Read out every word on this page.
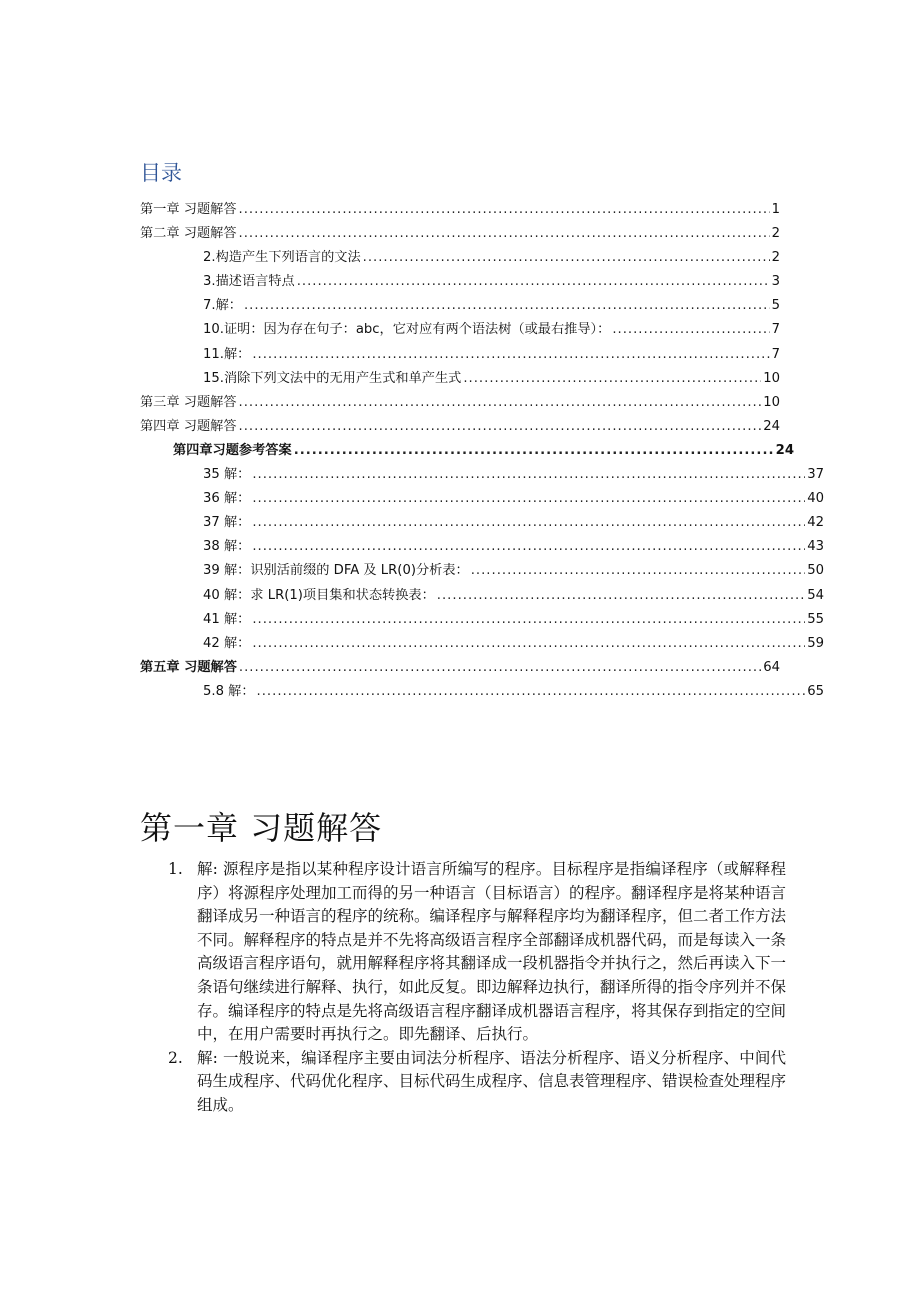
目录
第一章 习题解答 .....	1
第二章 习题解答 .....	2
2.构造产生下列语言的文法 .....	2
3.描述语言特点 .....	3
7.解： .....	5
10.证明：因为存在句子：abc，它对应有两个语法树（或最右推导）： .....	7
11.解： .....	7
15.消除下列文法中的无用产生式和单产生式 .....	10
第三章 习题解答 .....	10
第四章 习题解答 .....	24
第四章习题参考答案 .....	24
35 解： .....	37
36 解： .....	40
37 解： .....	42
38 解： .....	43
39 解：识别活前缀的 DFA 及 LR(0)分析表： .....	50
40 解：求 LR(1)项目集和状态转换表： .....	54
41 解： .....	55
42 解： .....	59
第五章 习题解答 .....	64
5.8 解： .....	65
第一章 习题解答
1. 解: 源程序是指以某种程序设计语言所编写的程序。目标程序是指编译程序（或解释程序）将源程序处理加工而得的另一种语言（目标语言）的程序。翻译程序是将某种语言翻译成另一种语言的程序的统称。编译程序与解释程序均为翻译程序，但二者工作方法不同。解释程序的特点是并不先将高级语言程序全部翻译成机器代码，而是每读入一条高级语言程序语句，就用解释程序将其翻译成一段机器指令并执行之，然后再读入下一条语句继续进行解释、执行，如此反复。即边解释边执行，翻译所得的指令序列并不保存。编译程序的特点是先将高级语言程序翻译成机器语言程序，将其保存到指定的空间中，在用户需要时再执行之。即先翻译、后执行。
2. 解: 一般说来，编译程序主要由词法分析程序、语法分析程序、语义分析程序、中间代码生成程序、代码优化程序、目标代码生成程序、信息表管理程序、错误检查处理程序组成。
